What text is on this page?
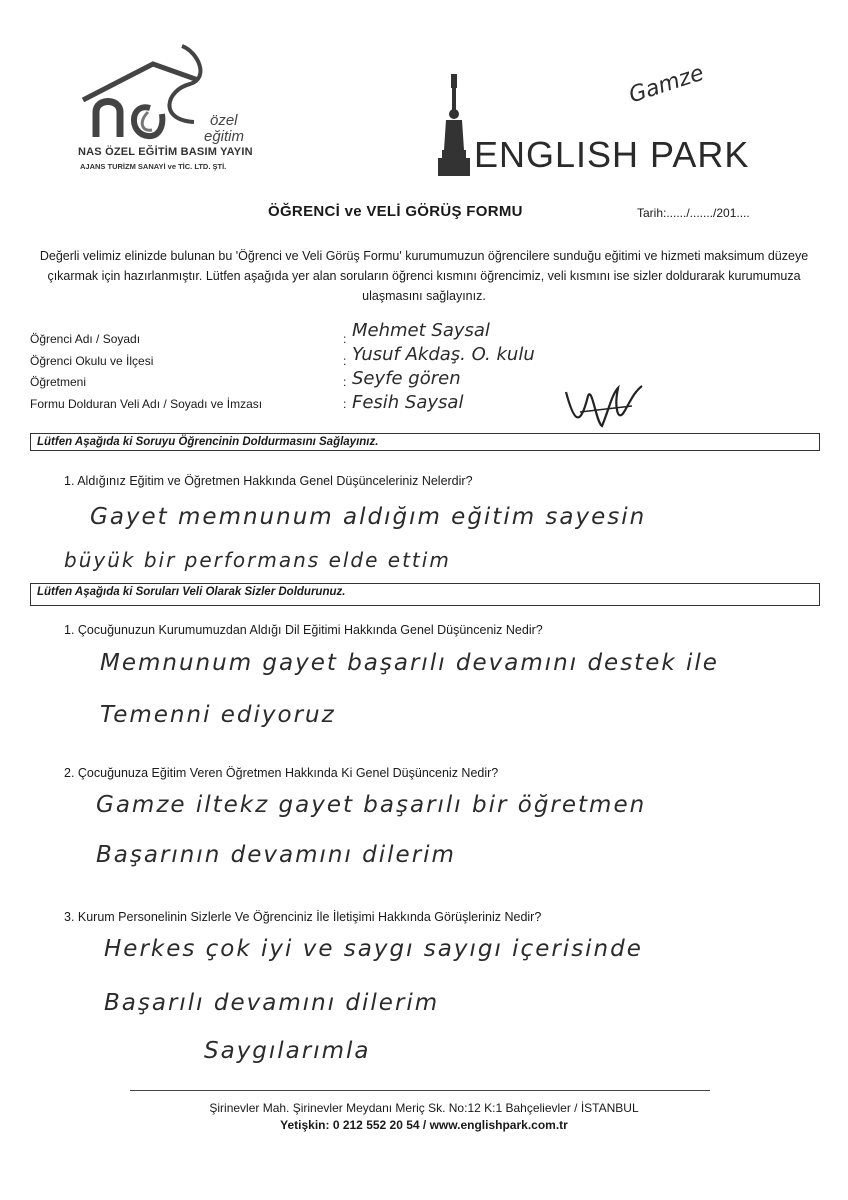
özel
eğitim
NAS ÖZEL EĞİTİM BASIM YAYIN
AJANS TURİZM SANAYİ ve TİC. LTD. ŞTİ.	ENGLISH PARK
Gamze
ÖĞRENCİ ve VELİ GÖRÜŞ FORMU	Tarih:....../......./201....
Değerli velimiz elinizde bulunan bu 'Öğrenci ve Veli Görüş Formu' kurumumuzun öğrencilere sunduğu eğitimi ve hizmeti maksimum düzeye çıkarmak için hazırlanmıştır. Lütfen aşağıda yer alan soruların öğrenci kısmını öğrencimiz, veli kısmını ise sizler doldurarak kurumumuza ulaşmasını sağlayınız.
Öğrenci Adı / Soyadı
Öğrenci Okulu ve İlçesi
Öğretmeni
Formu Dolduran Veli Adı / Soyadı ve İmzası
:
:
:
:
Mehmet Saysal
Yusuf Akdaş. O. kulu
Seyfe gören
Fesih Saysal
Lütfen Aşağıda ki Soruyu Öğrencinin Doldurmasını Sağlayınız.
1. Aldığınız Eğitim ve Öğretmen Hakkında Genel Düşünceleriniz Nelerdir?
Gayet memnunum aldığım eğitim sayesin
büyük bir performans elde ettim
Lütfen Aşağıda ki Soruları Veli Olarak Sizler Doldurunuz.
1. Çocuğunuzun Kurumumuzdan Aldığı Dil Eğitimi Hakkında Genel Düşünceniz Nedir?
Memnunum gayet başarılı devamını destek ile
Temenni ediyoruz
2. Çocuğunuza Eğitim Veren Öğretmen Hakkında Ki Genel Düşünceniz Nedir?
Gamze iltekz gayet başarılı bir öğretmen
Başarının devamını dilerim
3. Kurum Personelinin Sizlerle Ve Öğrenciniz İle İletişimi Hakkında Görüşleriniz Nedir?
Herkes çok iyi ve saygı sayıgı içerisinde
Başarılı devamını dilerim
Saygılarımla
Şirinevler Mah. Şirinevler Meydanı Meriç Sk. No:12 K:1 Bahçelievler / İSTANBUL
Yetişkin: 0 212 552 20 54 / www.englishpark.com.tr
